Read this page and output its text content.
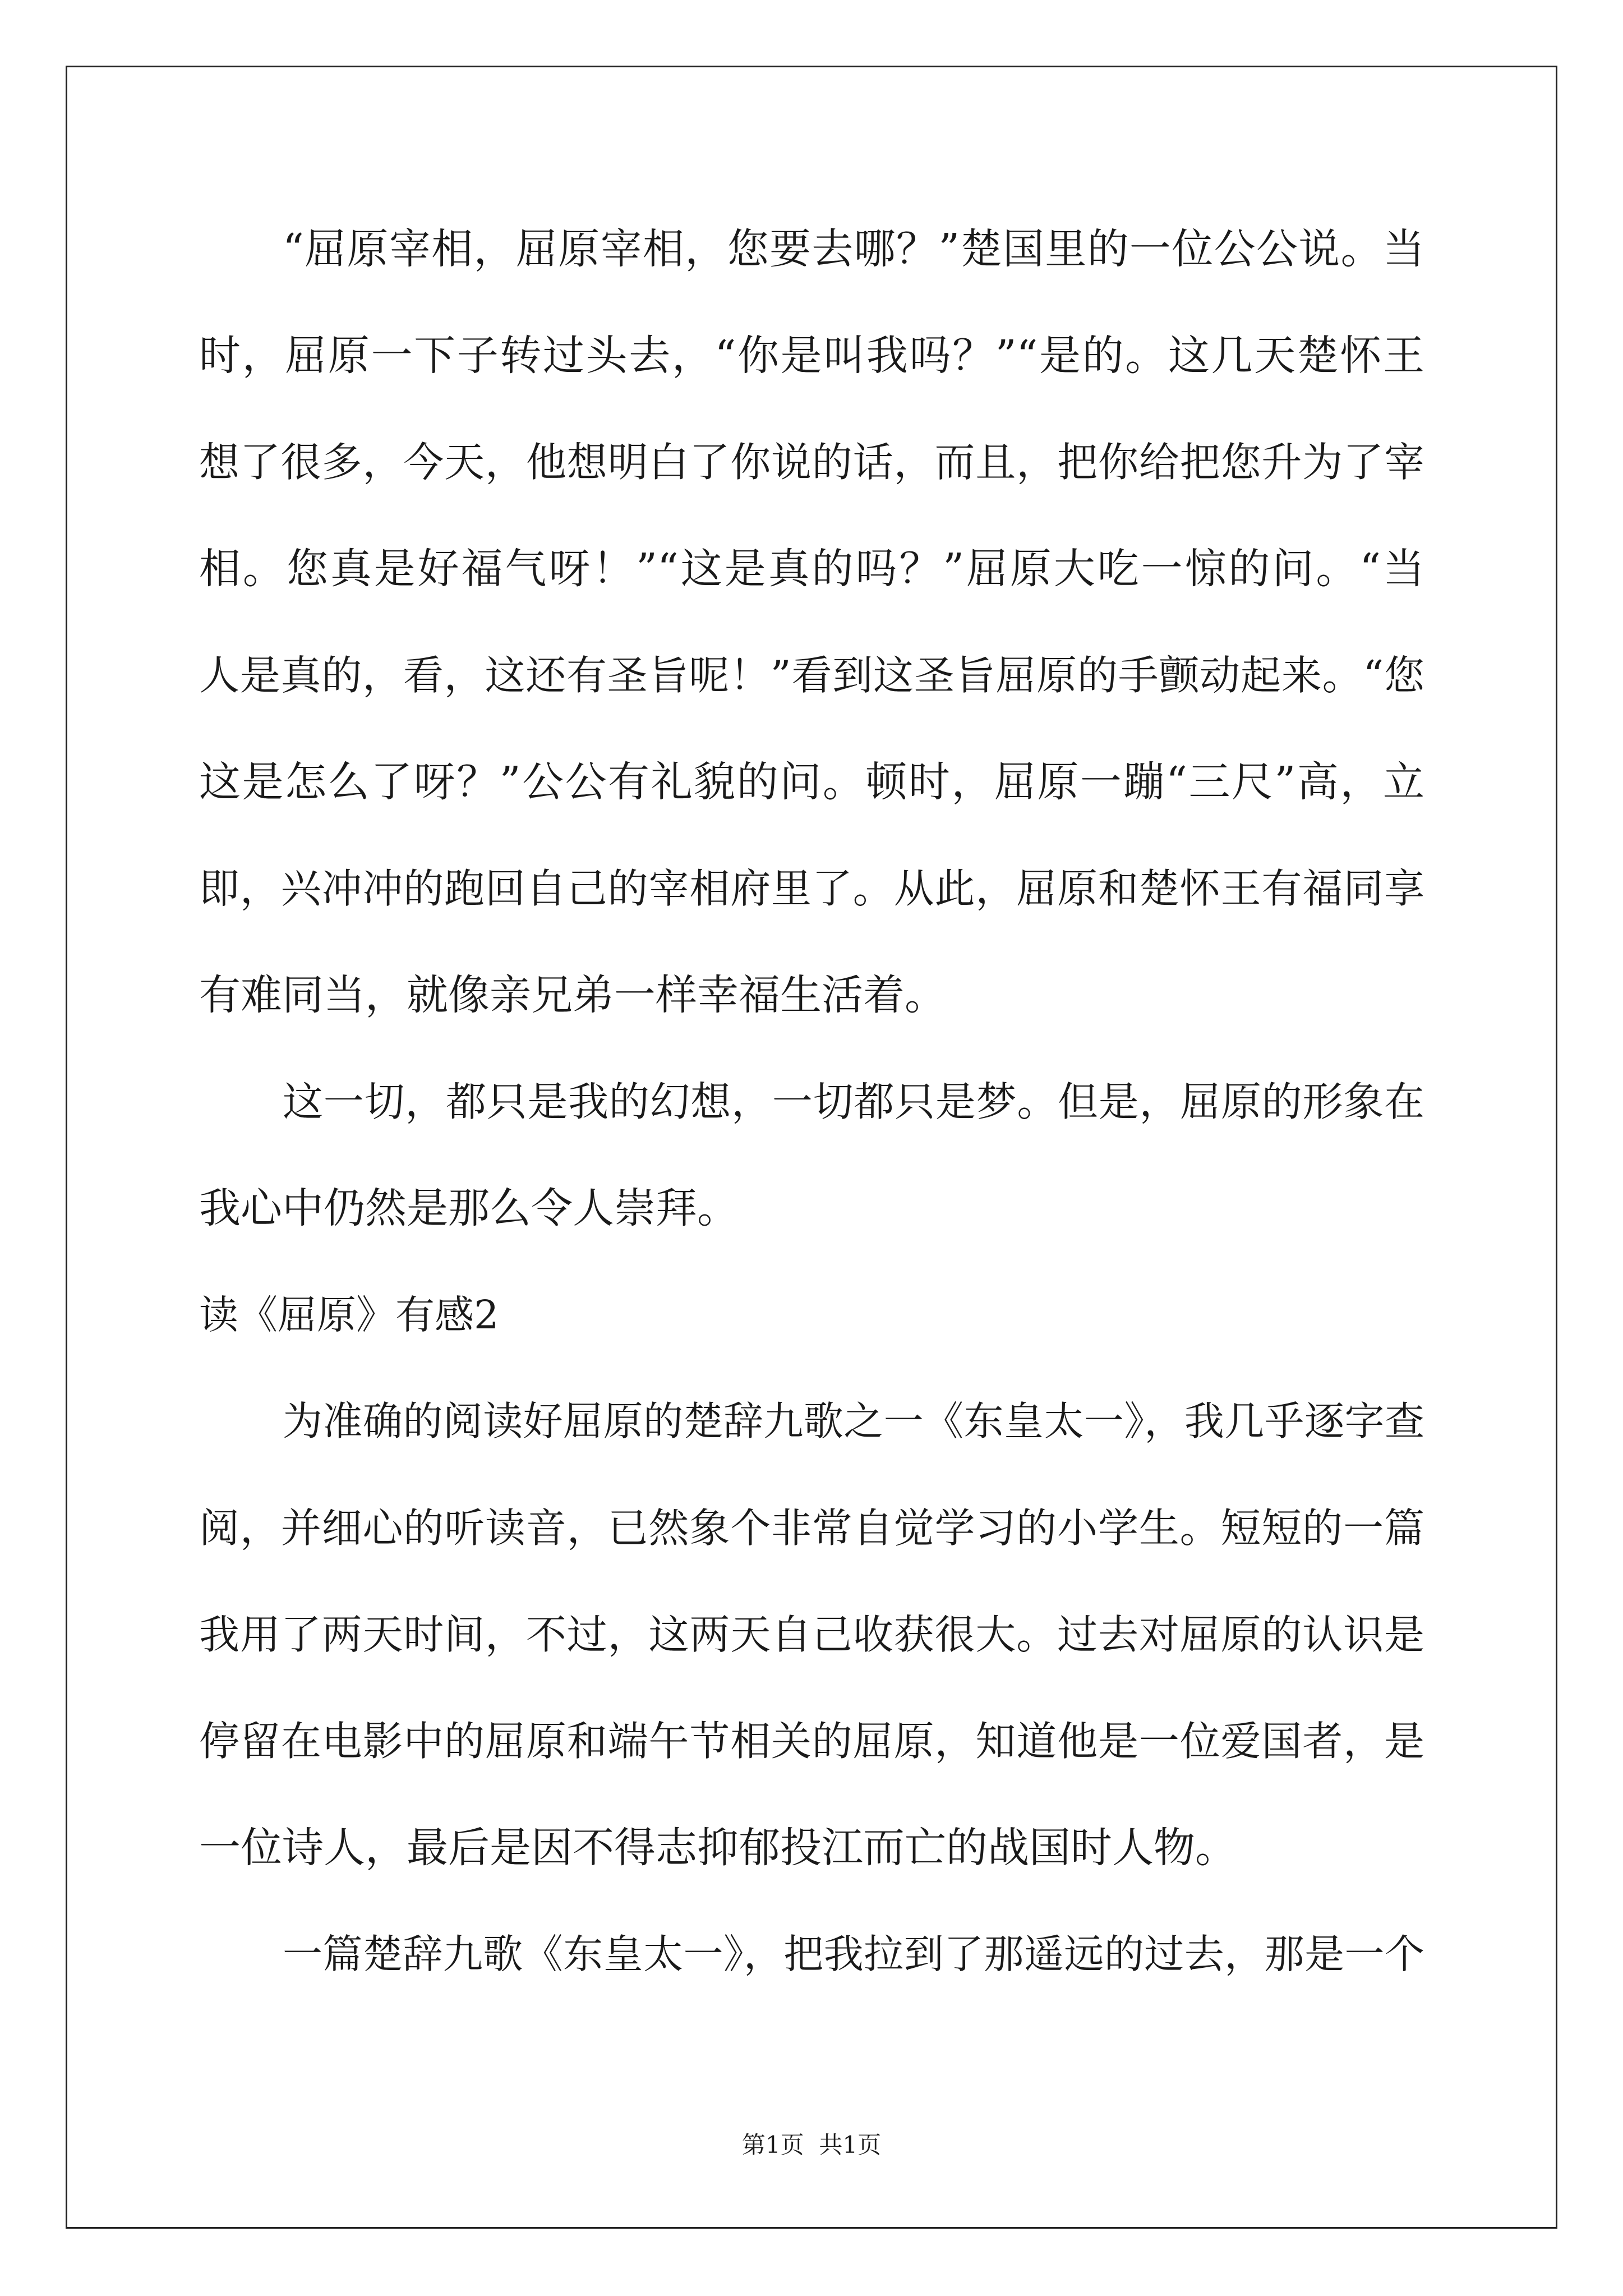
“屈原宰相，屈原宰相，您要去哪？”楚国里的一位公公说。当
时，屈原一下子转过头去，“你是叫我吗？”“是的。这几天楚怀王
想了很多，今天，他想明白了你说的话，而且，把你给把您升为了宰
相。您真是好福气呀！”“这是真的吗？”屈原大吃一惊的问。“当
人是真的，看，这还有圣旨呢！”看到这圣旨屈原的手颤动起来。“您
这是怎么了呀？”公公有礼貌的问。顿时，屈原一蹦“三尺”高，立
即，兴冲冲的跑回自己的宰相府里了。从此，屈原和楚怀王有福同享
有难同当，就像亲兄弟一样幸福生活着。
这一切，都只是我的幻想，一切都只是梦。但是，屈原的形象在
我心中仍然是那么令人崇拜。
读《屈原》有感2
为准确的阅读好屈原的楚辞九歌之一《东皇太一》，我几乎逐字查
阅，并细心的听读音，已然象个非常自觉学习的小学生。短短的一篇
我用了两天时间，不过，这两天自己收获很大。过去对屈原的认识是
停留在电影中的屈原和端午节相关的屈原，知道他是一位爱国者，是
一位诗人，最后是因不得志抑郁投江而亡的战国时人物。
一篇楚辞九歌《东皇太一》，把我拉到了那遥远的过去，那是一个
第1页  共1页
